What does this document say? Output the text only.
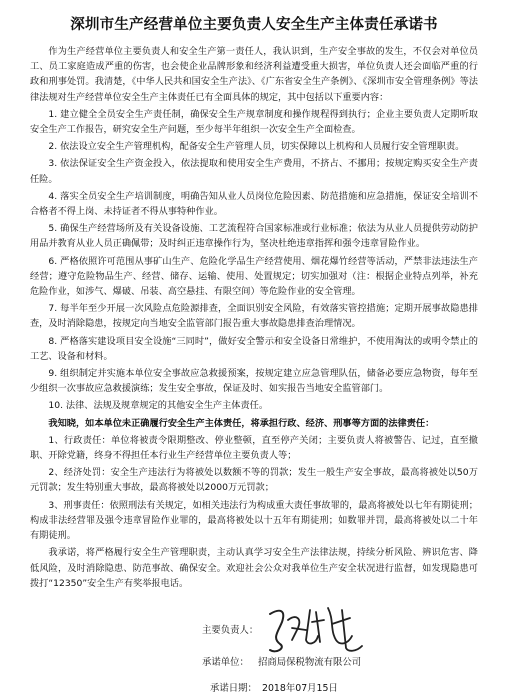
深圳市生产经营单位主要负责人安全生产主体责任承诺书

作为生产经营单位主要负责人和安全生产第一责任人，我认识到，生产安全事故的发生，不仅会对单位员工、员工家庭造成严重的伤害，也会使企业品牌形象和经济利益遭受重大损害，单位负责人还会面临严重的行政和刑事处罚。我清楚，《中华人民共和国安全生产法》、《广东省安全生产条例》、《深圳市安全管理条例》等法律法规对生产经营单位安全生产主体责任已有全面具体的规定，其中包括以下重要内容：

1. 建立健全全员安全生产责任制，确保安全生产规章制度和操作规程得到执行；企业主要负责人定期听取安全生产工作报告，研究安全生产问题，至少每半年组织一次安全生产全面检查。

2. 依法设立安全生产管理机构，配备安全生产管理人员，切实保障以上机构和人员履行安全管理职责。

3. 依法保证安全生产资金投入，依法提取和使用安全生产费用，不挤占、不挪用；按规定购买安全生产责任险。

4. 落实全员安全生产培训制度，明确告知从业人员岗位危险因素、防范措施和应急措施，保证安全培训不合格者不得上岗、未持证者不得从事特种作业。

5. 确保生产经营场所及有关设备设施、工艺流程符合国家标准或行业标准；依法为从业人员提供劳动防护用品并教育从业人员正确佩带；及时纠正违章操作行为，坚决杜绝违章指挥和强令违章冒险作业。

6. 严格依照许可范围从事矿山生产、危险化学品生产经营使用、烟花爆竹经营等活动，严禁非法违法生产经营；遵守危险物品生产、经营、储存、运输、使用、处置规定；切实加强对（注：根据企业特点列举，补充危险作业，如涉气、爆破、吊装、高空悬挂、有限空间）等危险作业的安全管理。

7. 每半年至少开展一次风险点危险源排查，全面识别安全风险，有效落实管控措施；定期开展事故隐患排查，及时消除隐患，按规定向当地安全监管部门报告重大事故隐患排查治理情况。

8. 严格落实建设项目安全设施“三同时”，做好安全警示和安全设备日常维护，不使用淘汰的或明令禁止的工艺、设备和材料。

9. 组织制定并实施本单位安全事故应急救援预案，按规定建立应急管理队伍，储备必要应急物资，每年至少组织一次事故应急救援演练；发生安全事故，保证及时、如实报告当地安全监管部门。

10. 法律、法规及规章规定的其他安全生产主体责任。

我知晓，如本单位未正确履行安全生产主体责任，将承担行政、经济、刑事等方面的法律责任：

1、行政责任：单位将被责令限期整改、停业整顿，直至停产关闭；主要负责人将被警告、记过，直至撤职、开除党籍，终身不得担任本行业生产经营单位主要负责人等；

2、经济处罚：安全生产违法行为将被处以数额不等的罚款；发生一般生产安全事故，最高将被处以50万元罚款；发生特别重大事故，最高将被处以2000万元罚款；

3、刑事责任：依照刑法有关规定，如相关违法行为构成重大责任事故罪的，最高将被处以七年有期徒刑；构成非法经营罪及强令违章冒险作业罪的，最高将被处以十五年有期徒刑；如数罪并罚，最高将被处以二十年有期徒刑。

我承诺，将严格履行安全生产管理职责，主动认真学习安全生产法律法规，持续分析风险、辨识危害、降低风险，及时消除隐患、防范事故、确保安全。欢迎社会公众对我单位生产安全状况进行监督，如发现隐患可拨打“12350”安全生产有奖举报电话。

主要负责人：
承诺单位： 招商局保税物流有限公司
承诺日期： 2018年07月15日
